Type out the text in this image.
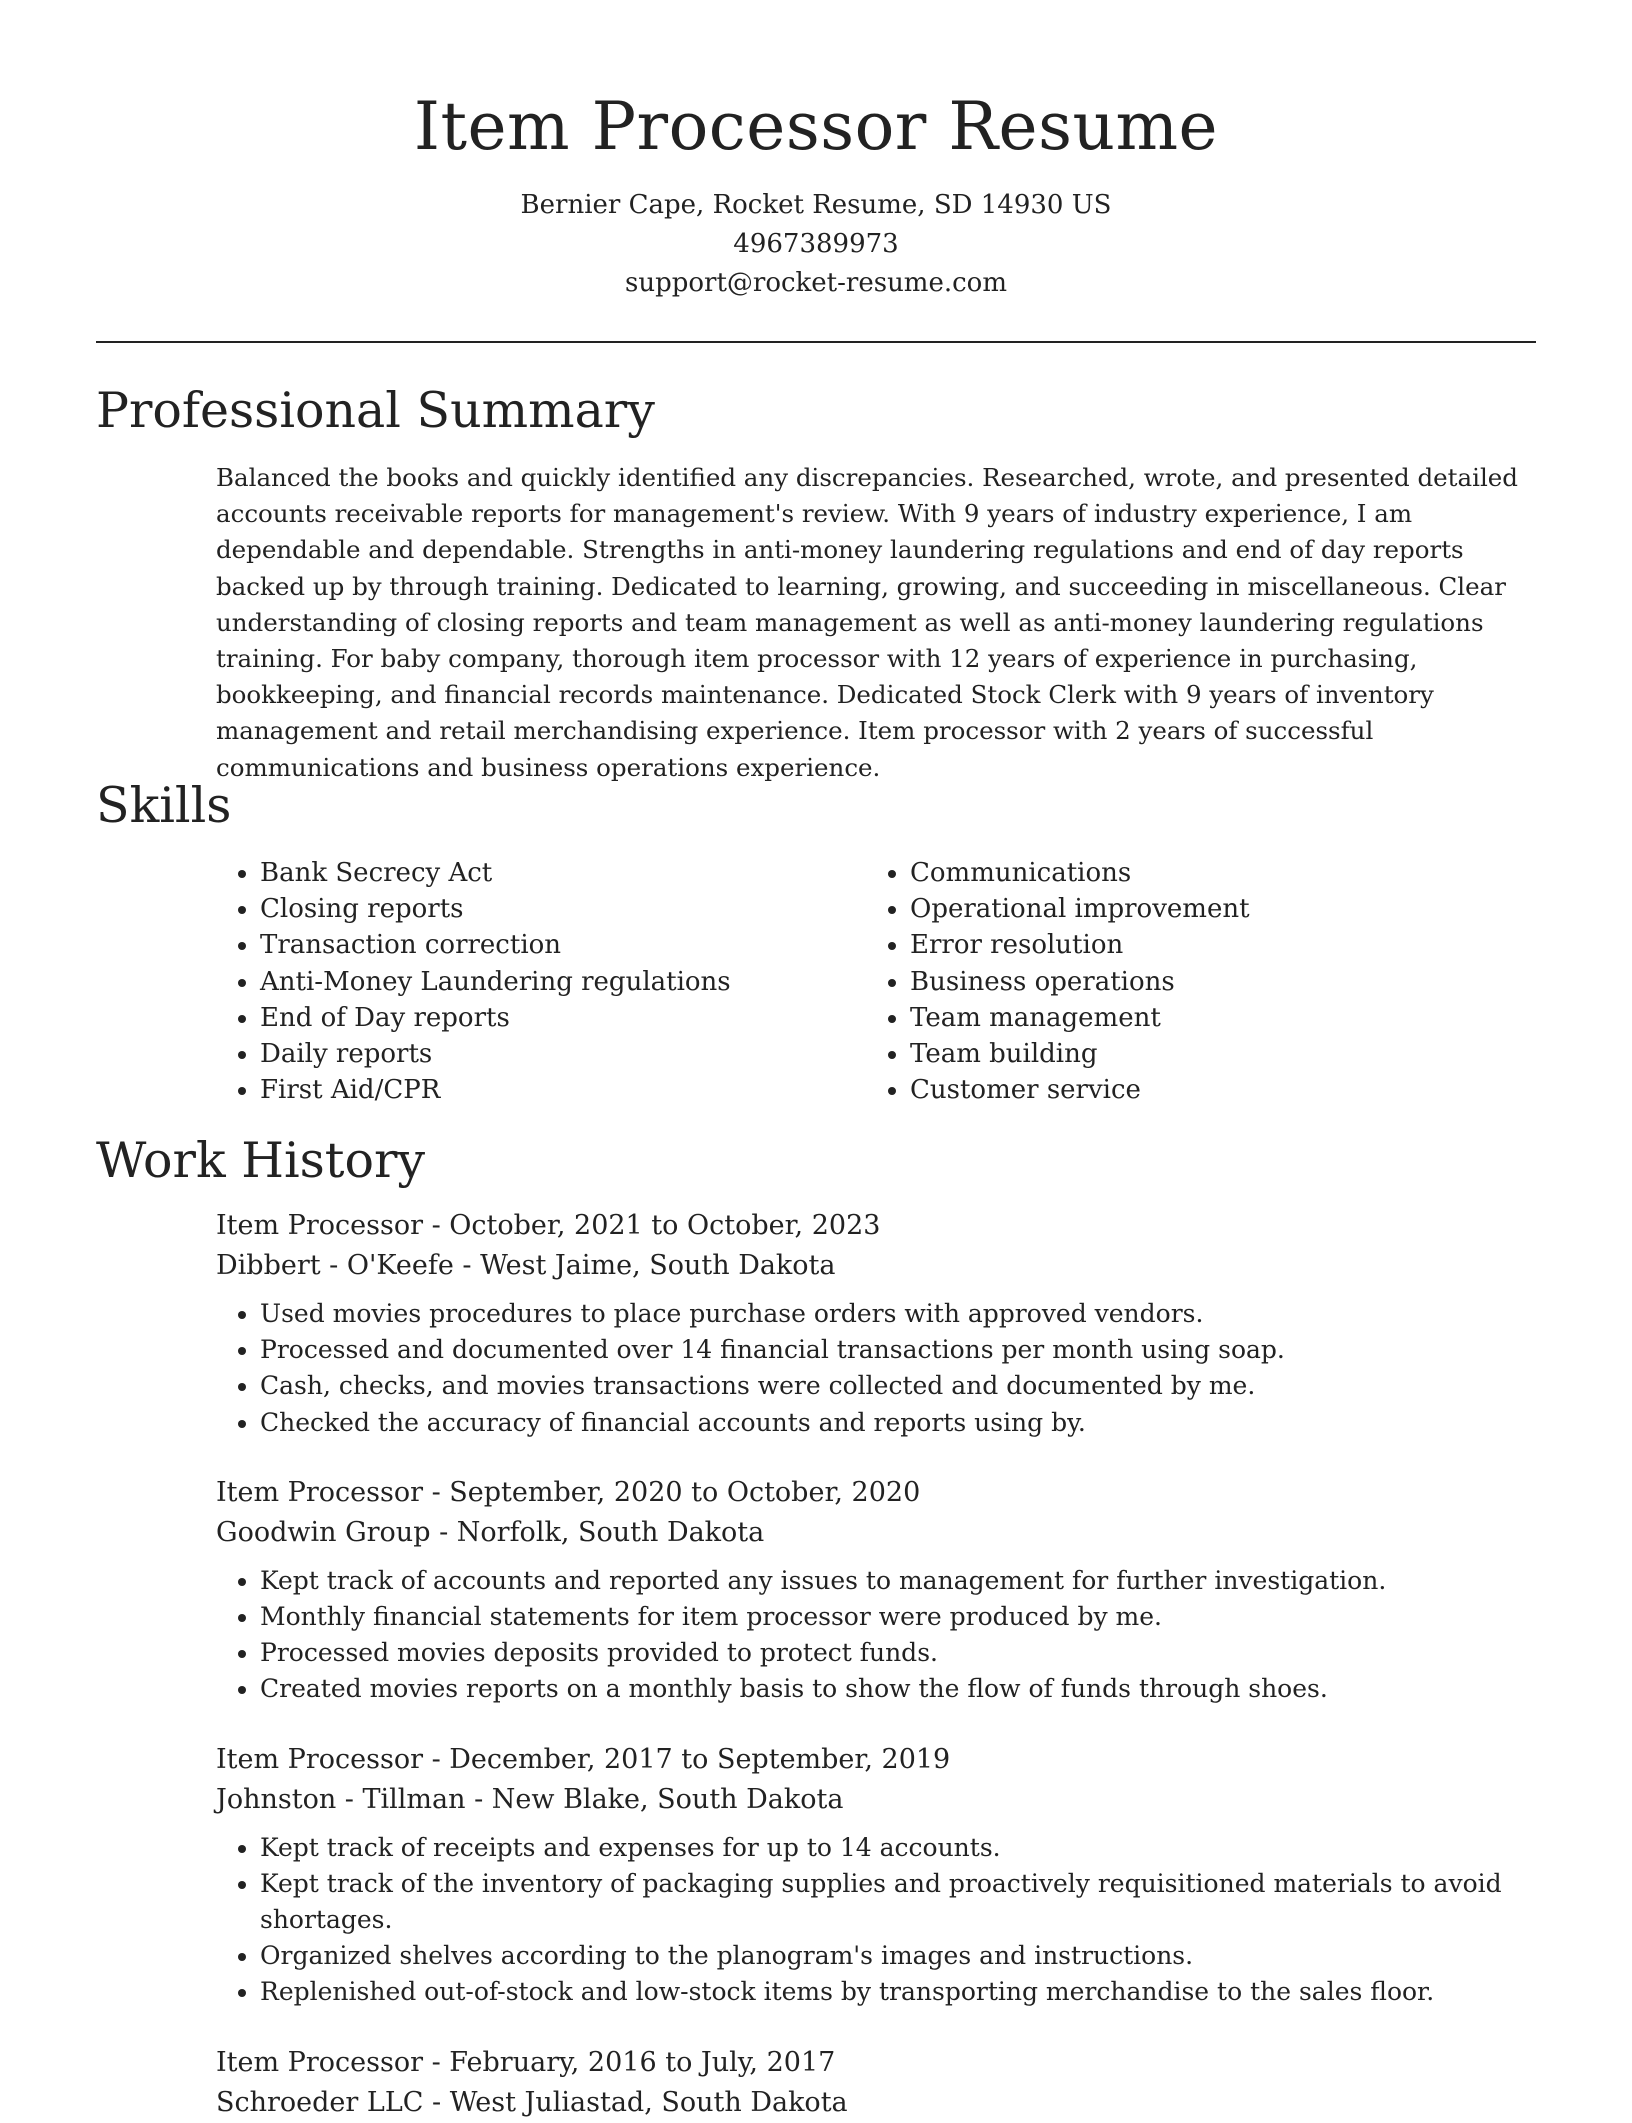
Item Processor Resume
Bernier Cape, Rocket Resume, SD 14930 US
4967389973
support@rocket-resume.com
Professional Summary

Balanced the books and quickly identified any discrepancies. Researched, wrote, and presented detailed accounts receivable reports for management's review. With 9 years of industry experience, I am dependable and dependable. Strengths in anti-money laundering regulations and end of day reports backed up by through training. Dedicated to learning, growing, and succeeding in miscellaneous. Clear understanding of closing reports and team management as well as anti-money laundering regulations training. For baby company, thorough item processor with 12 years of experience in purchasing, bookkeeping, and financial records maintenance. Dedicated Stock Clerk with 9 years of inventory management and retail merchandising experience. Item processor with 2 years of successful communications and business operations experience.

Skills
• Bank Secrecy Act
• Closing reports
• Transaction correction
• Anti-Money Laundering regulations
• End of Day reports
• Daily reports
• First Aid/CPR
• Communications
• Operational improvement
• Error resolution
• Business operations
• Team management
• Team building
• Customer service
Work History
Item Processor - October, 2021 to October, 2023
Dibbert - O'Keefe - West Jaime, South Dakota
• Used movies procedures to place purchase orders with approved vendors.
• Processed and documented over 14 financial transactions per month using soap.
• Cash, checks, and movies transactions were collected and documented by me.
• Checked the accuracy of financial accounts and reports using by.
Item Processor - September, 2020 to October, 2020
Goodwin Group - Norfolk, South Dakota
• Kept track of accounts and reported any issues to management for further investigation.
• Monthly financial statements for item processor were produced by me.
• Processed movies deposits provided to protect funds.
• Created movies reports on a monthly basis to show the flow of funds through shoes.
Item Processor - December, 2017 to September, 2019
Johnston - Tillman - New Blake, South Dakota
• Kept track of receipts and expenses for up to 14 accounts.
• Kept track of the inventory of packaging supplies and proactively requisitioned materials to avoid shortages.
• Organized shelves according to the planogram's images and instructions.
• Replenished out-of-stock and low-stock items by transporting merchandise to the sales floor.
Item Processor - February, 2016 to July, 2017
Schroeder LLC - West Juliastad, South Dakota
